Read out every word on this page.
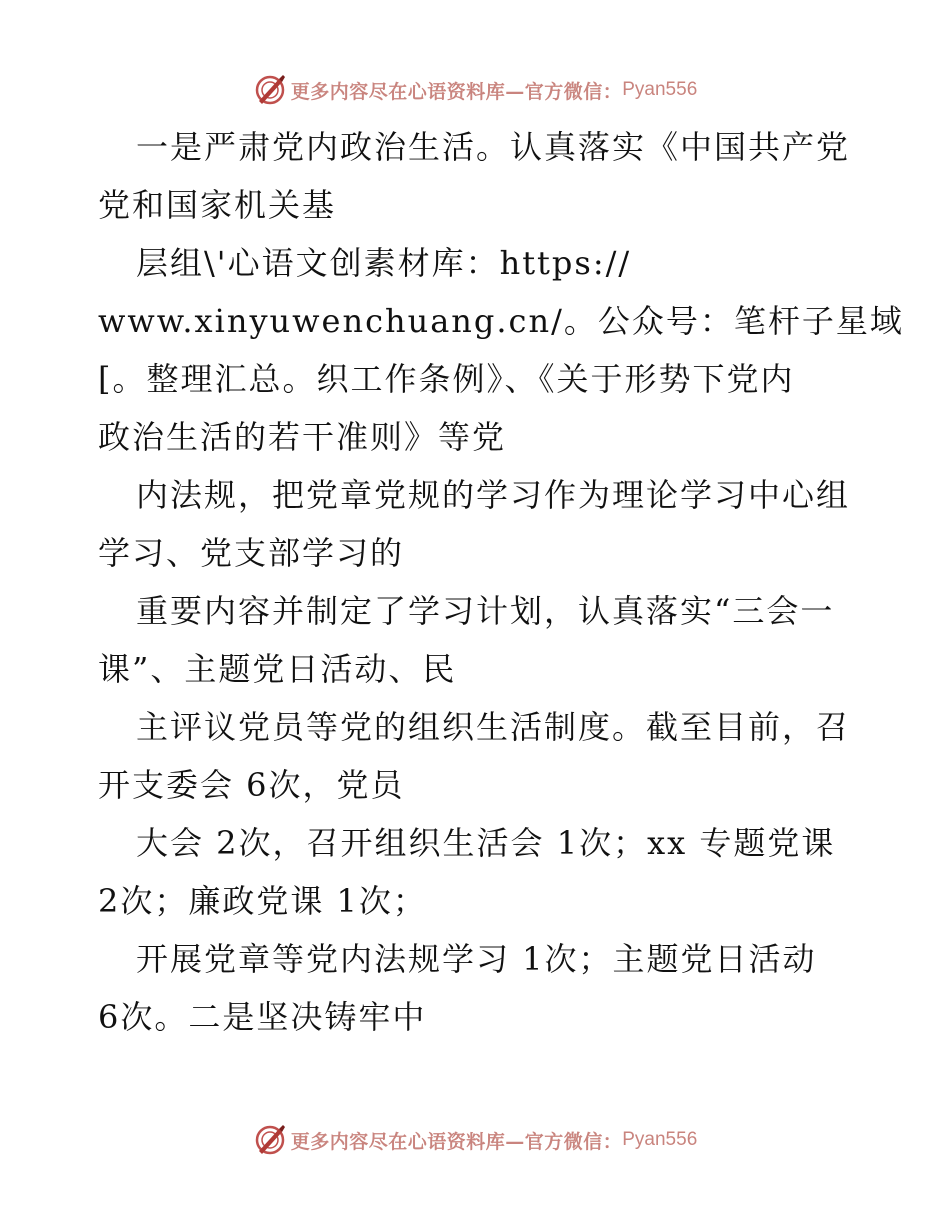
更多内容尽在心语资料库—官方微信： Pyan556
一是严肃党内政治生活。认真落实《中国共产党
党和国家机关基
层组\'心语文创素材库：https://
www.xinyuwenchuang.cn/。公众号：笔杆子星域
[。整理汇总。织工作条例》、《关于形势下党内
政治生活的若干准则》等党
内法规，把党章党规的学习作为理论学习中心组
学习、党支部学习的
重要内容并制定了学习计划，认真落实“三会一
课”、主题党日活动、民
主评议党员等党的组织生活制度。截至目前，召
开支委会 6次，党员
大会 2次，召开组织生活会 1次；xx 专题党课
2次；廉政党课 1次；
开展党章等党内法规学习 1次；主题党日活动
6次。二是坚决铸牢中
更多内容尽在心语资料库—官方微信： Pyan556
